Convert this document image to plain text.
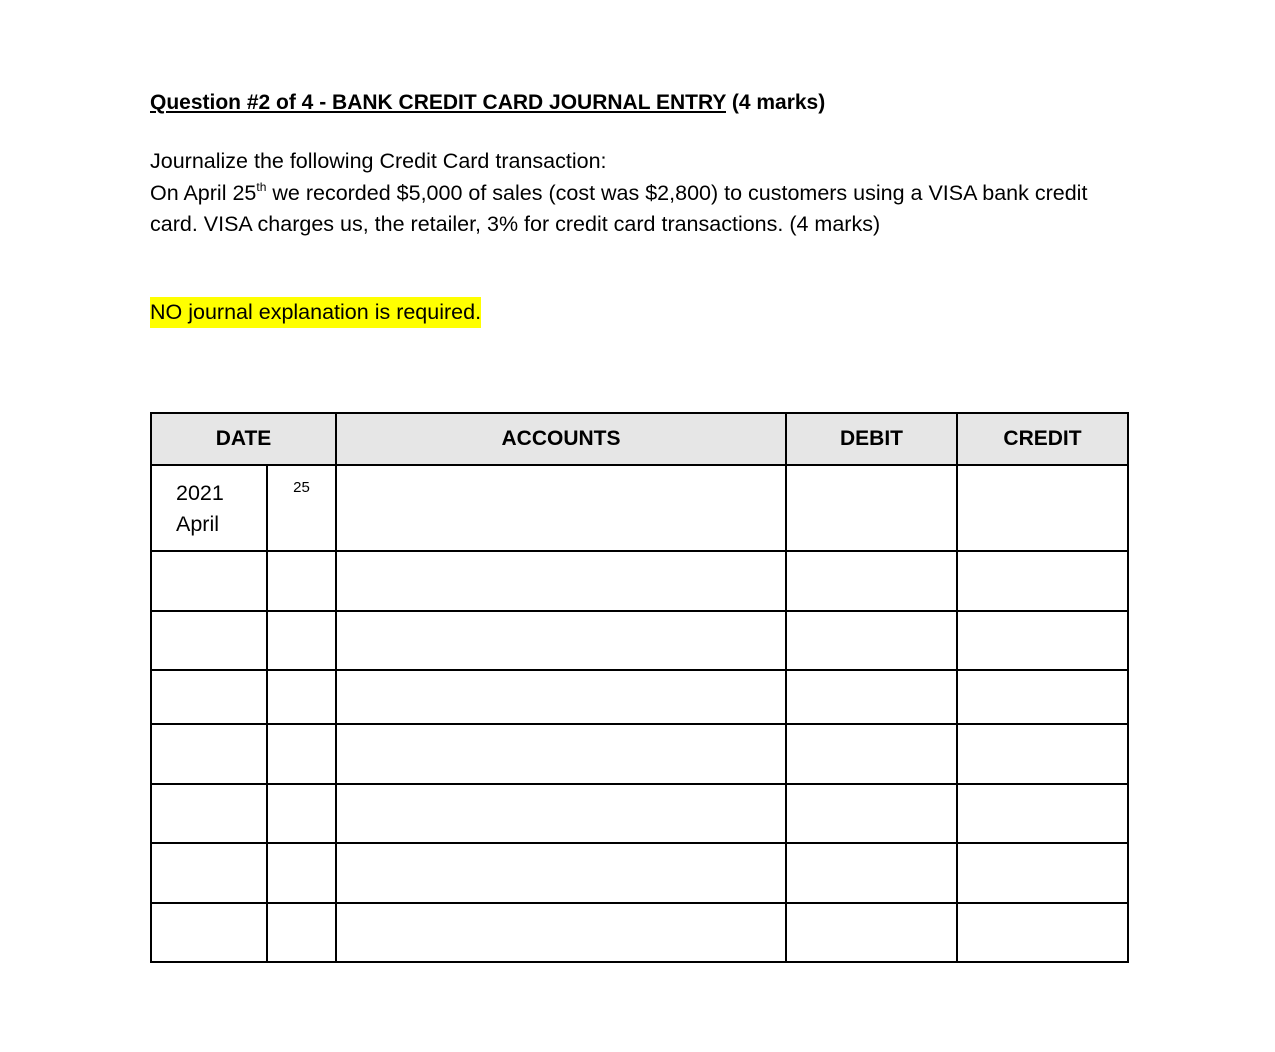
Question #2 of 4 - BANK CREDIT CARD JOURNAL ENTRY (4 marks)
Journalize the following Credit Card transaction:
On April 25th we recorded $5,000 of sales (cost was $2,800) to customers using a VISA bank credit card. VISA charges us, the retailer, 3% for credit card transactions. (4 marks)
NO journal explanation is required.
DATE		ACCOUNTS	DEBIT	CREDIT

2021
April	25			
